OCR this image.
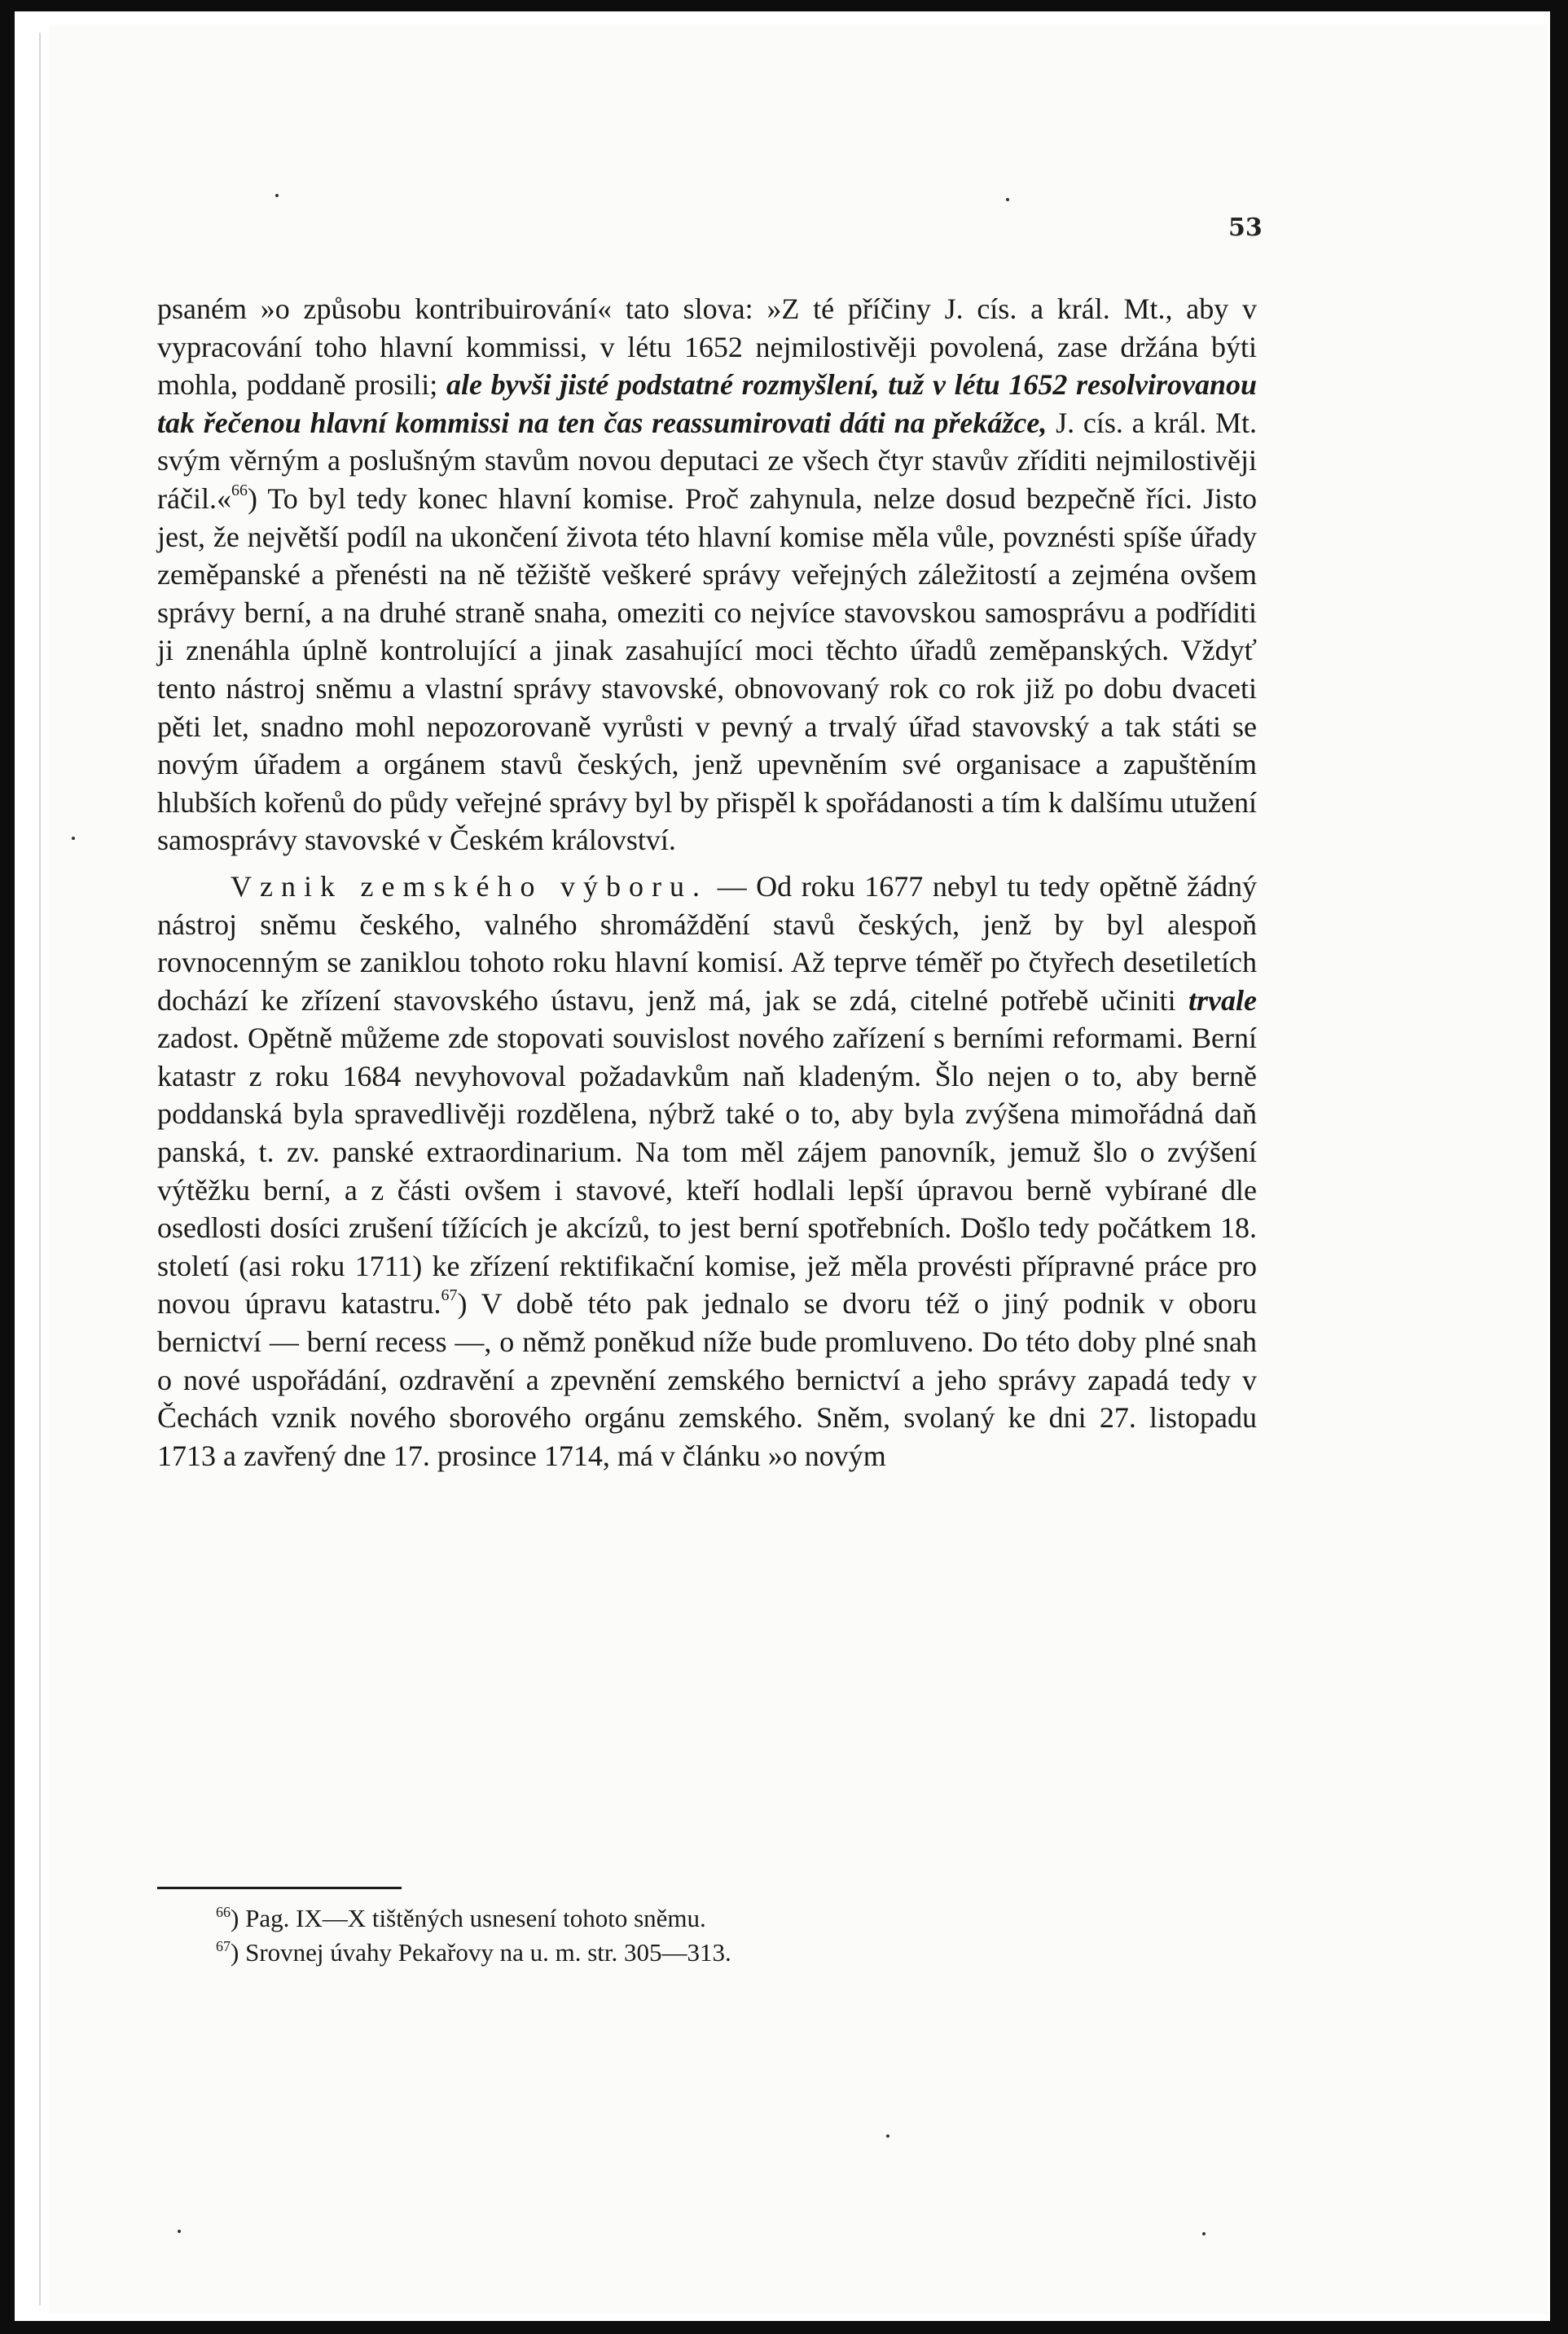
53

psaném »o způsobu kontribuirování« tato slova: »Z té příčiny J. cís. a král. Mt., aby v vypracování toho hlavní kommissi, v létu 1652 nejmilostivěji povolená, zase držána býti mohla, poddaně prosili; ale byvši jisté podstatné rozmyšlení, tuž v létu 1652 resolvirovanou tak řečenou hlavní kommissi na ten čas reassumirovati dáti na překážce, J. cís. a král. Mt. svým věrným a poslušným stavům novou deputaci ze všech čtyr stavův zříditi nejmilostivěji ráčil.«$^{66}$) To byl tedy konec hlavní komise. Proč zahynula, nelze dosud bezpečně říci. Jisto jest, že největší podíl na ukončení života této hlavní komise měla vůle, povznésti spíše úřady zeměpanské a přenésti na ně těžiště veškeré správy veřejných záležitostí a zejména ovšem správy berní, a na druhé straně snaha, omeziti co nejvíce stavovskou samosprávu a podříditi ji znenáhla úplně kontrolující a jinak zasahující moci těchto úřadů zeměpanských. Vždyť tento nástroj sněmu a vlastní správy stavovské, obnovovaný rok co rok již po dobu dvaceti pěti let, snadno mohl nepozorovaně vyrůsti v pevný a trvalý úřad stavovský a tak státi se novým úřadem a orgánem stavů českých, jenž upevněním své organisace a zapuštěním hlubších kořenů do půdy veřejné správy byl by přispěl k spořádanosti a tím k dalšímu utužení samosprávy stavovské v Českém království.

Vznik zemského výboru. — Od roku 1677 nebyl tu tedy opětně žádný nástroj sněmu českého, valného shromáždění stavů českých, jenž by byl alespoň rovnocenným se zaniklou tohoto roku hlavní komisí. Až teprve téměř po čtyřech desetiletích dochází ke zřízení stavovského ústavu, jenž má, jak se zdá, citelné potřebě učiniti trvale zadost. Opětně můžeme zde stopovati souvislost nového zařízení s berními reformami. Berní katastr z roku 1684 nevyhovoval požadavkům naň kladeným. Šlo nejen o to, aby berně poddanská byla spravedlivěji rozdělena, nýbrž také o to, aby byla zvýšena mimořádná daň panská, t. zv. panské extraordinarium. Na tom měl zájem panovník, jemuž šlo o zvýšení výtěžku berní, a z části ovšem i stavové, kteří hodlali lepší úpravou berně vybírané dle osedlosti dosíci zrušení tížících je akcízů, to jest berní spotřebních. Došlo tedy počátkem 18. století (asi roku 1711) ke zřízení rektifikační komise, jež měla provésti přípravné práce pro novou úpravu katastru.$^{67}$) V době této pak jednalo se dvoru též o jiný podnik v oboru bernictví — berní recess —, o němž poněkud níže bude promluveno. Do této doby plné snah o nové uspořádání, ozdravění a zpevnění zemského bernictví a jeho správy zapadá tedy v Čechách vznik nového sborového orgánu zemského. Sněm, svolaný ke dni 27. listopadu 1713 a zavřený dne 17. prosince 1714, má v článku »o novým

$^{66}$) Pag. IX—X tištěných usnesení tohoto sněmu.

$^{67}$) Srovnej úvahy Pekařovy na u. m. str. 305—313.
